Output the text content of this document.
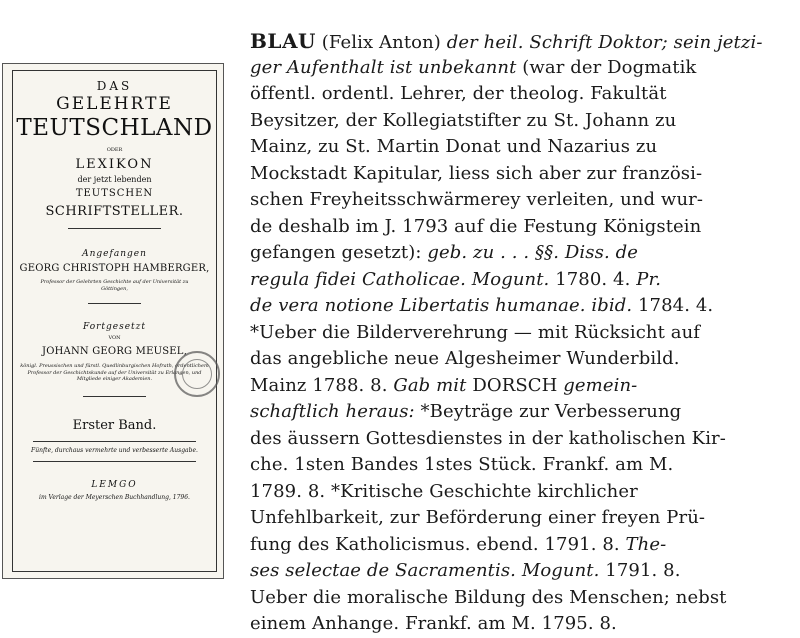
DAS

GELEHRTE

TEUTSCHLAND

ODER

LEXIKON

der jetzt lebenden

TEUTSCHEN

SCHRIFTSTELLER.

Angefangen

GEORG CHRISTOPH HAMBERGER,

Professor der Gelehrten Geschichte auf der Universität zu Göttingen,

Fortgesetzt

VON

JOHANN GEORG MEUSEL,

königl. Preussischen und fürstl. Quedlinburgischen Hofrath, ordentlichem Professor der Geschichtskunde auf der Universität zu Erlangen, und Mitgliede einiger Akademien.

Erster Band.

Fünfte, durchaus vermehrte und verbesserte Ausgabe.

LEMGO

im Verlage der Meyerschen Buchhandlung, 1796.

BLAU (Felix Anton) der heil. Schrift Doktor; sein jetzi-
ger Aufenthalt ist unbekannt (war der Dogmatik
öffentl. ordentl. Lehrer, der theolog. Fakultät
Beysitzer, der Kollegiatstifter zu St. Johann zu
Mainz, zu St. Martin Donat und Nazarius zu
Mockstadt Kapitular, liess sich aber zur französi-
schen Freyheitsschwärmerey verleiten, und wur-
de deshalb im J. 1793 auf die Festung Königstein
gefangen gesetzt): geb. zu . . . §§. Diss. de
regula fidei Catholicae. Mogunt. 1780. 4. Pr.
de vera notione Libertatis humanae. ibid. 1784. 4.
*Ueber die Bilderverehrung — mit Rücksicht auf
das angebliche neue Algesheimer Wunderbild.
Mainz 1788. 8. Gab mit DORSCH gemein-
schaftlich heraus: *Beyträge zur Verbesserung
des äussern Gottesdienstes in der katholischen Kir-
che. 1sten Bandes 1stes Stück. Frankf. am M.
1789. 8. *Kritische Geschichte kirchlicher
Unfehlbarkeit, zur Beförderung einer freyen Prü-
fung des Katholicismus. ebend. 1791. 8. The-
ses selectae de Sacramentis. Mogunt. 1791. 8.
Ueber die moralische Bildung des Menschen; nebst
einem Anhange. Frankf. am M. 1795. 8.
